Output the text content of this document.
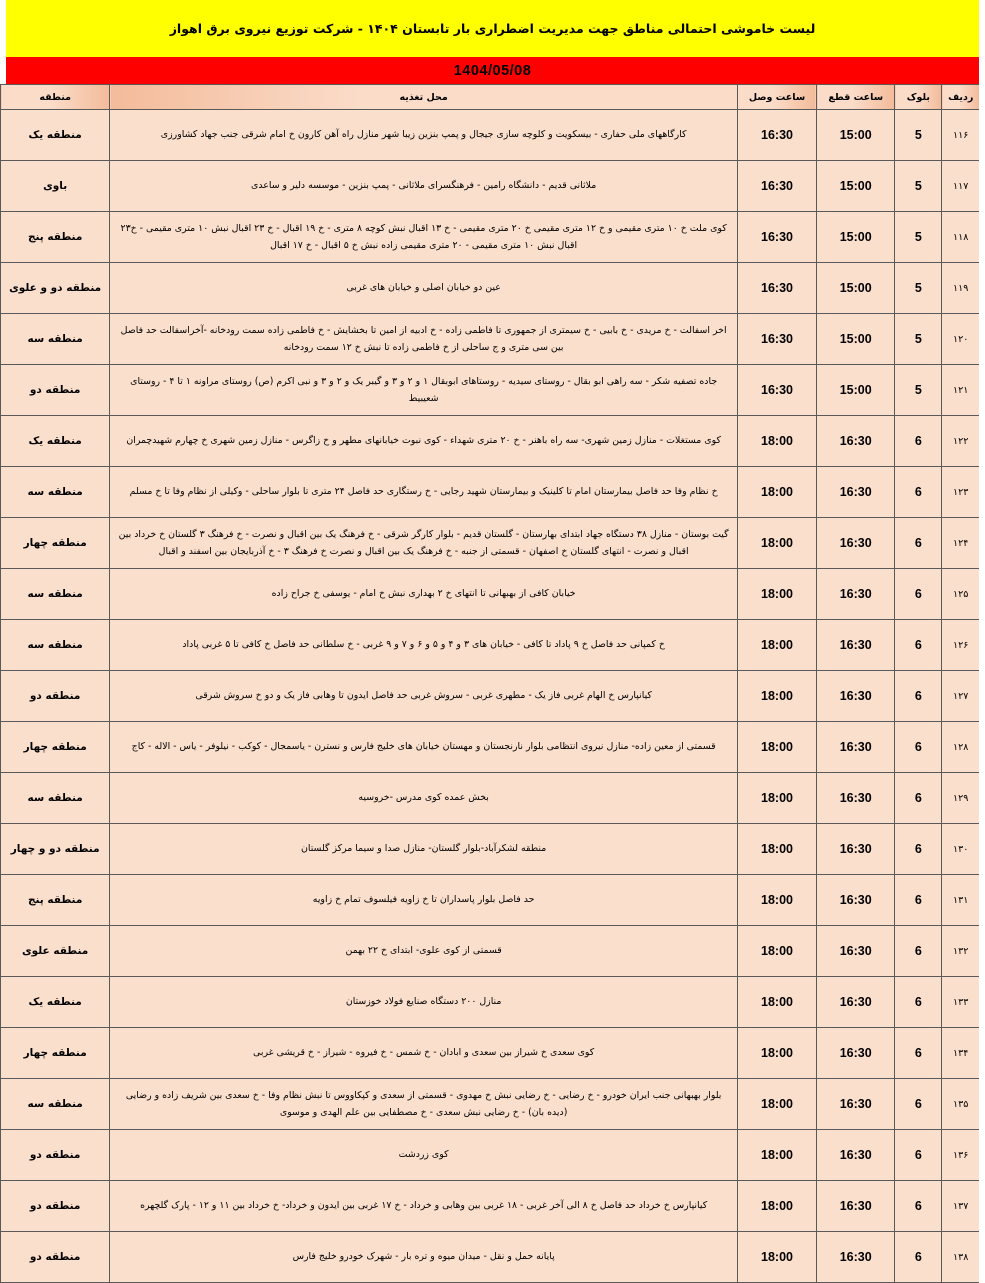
لیست خاموشی احتمالی مناطق جهت مدیریت اضطراری بار تابستان ۱۴۰۴ - شرکت توزیع نیروی برق اهواز
1404/05/08
ردیف	بلوک	ساعت قطع	ساعت وصل	محل تغذیه	منطقه
۱۱۶	5	15:00	16:30	کارگاههای ملی حفاری - بیسکویت و کلوچه سازی جیجال و پمپ بنزین زیبا شهر منازل راه آهن کارون خ امام شرقی جنب جهاد کشاورزی	منطقه یک
۱۱۷	5	15:00	16:30	ملاثانی قدیم - دانشگاه رامین - فرهنگسرای ملاثانی - پمپ بنزین - موسسه دلیر و ساعدی	باوی
۱۱۸	5	15:00	16:30	کوی ملت خ ۱۰ متری مقیمی و خ ۱۲ متری مقیمی خ ۲۰ متری مقیمی - خ ۱۳ اقبال نبش کوچه ۸ متری - خ ۱۹ اقبال - خ ۲۳ اقبال نبش ۱۰ متری مقیمی - خ۲۳ اقبال نبش ۱۰ متری مقیمی - ۲۰ متری مقیمی زاده نبش خ ۵ اقبال - خ ۱۷ اقبال	منطقه پنج
۱۱۹	5	15:00	16:30	عین دو خیابان اصلی و خیابان های غربی	منطقه دو و علوی
۱۲۰	5	15:00	16:30	اخر اسفالت - خ مریدی - خ بابیی - خ سیمتری از جمهوری تا فاطمی زاده - خ ادبیه از امین تا بخشایش - خ فاطمی زاده سمت رودخانه -آخراسفالت حد فاصل بین سی متری و ج ساحلی از خ فاطمی زاده تا نبش خ ۱۲ سمت رودخانه	منطقه سه
۱۲۱	5	15:00	16:30	جاده تصفیه شکر - سه راهی ابو بقال - روستای سیدیه - روستاهای ابوبقال ۱ و ۲ و ۳ و گیبر یک و ۲ و ۳ و نبی اکرم (ص) روستای مراونه ۱ تا ۴ - روستای شعیبیط	منطقه دو
۱۲۲	6	16:30	18:00	کوی مستغلات - منازل زمین شهری- سه راه باهنر - خ ۲۰ متری شهداء - کوی نبوت خیابانهای مطهر و خ زاگرس - منازل زمین شهری خ چهارم شهیدچمران	منطقه یک
۱۲۳	6	16:30	18:00	خ نظام وفا حد فاصل بیمارستان امام تا کلینیک و بیمارستان شهید رجایی - خ رستگاری حد فاصل ۲۴ متری تا بلوار ساحلی - وکیلی از نظام وفا تا خ مسلم	منطقه سه
۱۲۴	6	16:30	18:00	گیت بوستان - منازل ۳۸ دستگاه جهاد ابتدای بهارستان - گلستان قدیم - بلوار کارگر شرقی - خ فرهنگ یک بین اقبال و نصرت - خ فرهنگ ۳ گلستان خ خرداد بین اقبال و نصرت - انتهای گلستان خ اصفهان - قسمتی از جنبه - خ فرهنگ یک بین اقبال و نصرت خ فرهنگ ۳ - خ آذربایجان بین اسفند و اقبال	منطقه چهار
۱۲۵	6	16:30	18:00	خیابان کافی از بهبهانی تا انتهای خ ۲ بهداری نبش خ امام - یوسفی خ جراح زاده	منطقه سه
۱۲۶	6	16:30	18:00	خ کمپانی حد فاصل خ ۹ پاداد تا کافی - خیابان های ۳ و ۴ و ۵ و ۶ و ۷ و ۹ غربی - خ سلطانی حد فاصل خ کافی تا ۵ غربی پاداد	منطقه سه
۱۲۷	6	16:30	18:00	کیانپارس خ الهام غربی فاز یک - مطهری غربی - سروش غربی حد فاصل ایدون تا وهابی فاز یک و دو خ سروش شرقی	منطقه دو
۱۲۸	6	16:30	18:00	قسمتی از معین زاده- منازل نیروی انتظامی بلوار نارنجستان و مهستان خیابان های خلیج فارس و نسترن - یاسمجال - کوکب - نیلوفر - یاس - الاله - کاج	منطقه چهار
۱۲۹	6	16:30	18:00	بخش عمده کوی مدرس -خروسیه	منطقه سه
۱۳۰	6	16:30	18:00	منطقه لشکرآباد-بلوار گلستان- منازل صدا و سیما مرکز گلستان	منطقه دو و چهار
۱۳۱	6	16:30	18:00	حد فاصل بلوار پاسداران تا خ زاویه فیلسوف تمام خ زاویه	منطقه پنج
۱۳۲	6	16:30	18:00	قسمتی از کوی علوی- ابتدای خ ۲۲ بهمن	منطقه علوی
۱۳۳	6	16:30	18:00	منازل ۲۰۰ دستگاه صنایع فولاد خوزستان	منطقه یک
۱۳۴	6	16:30	18:00	کوی سعدی خ شیراز بین سعدی و ابادان - خ شمس - خ فیروه - شیراز - خ قریشی غربی	منطقه چهار
۱۳۵	6	16:30	18:00	بلوار بهبهانی جنب ایران خودرو - خ رضایی - خ رضایی نبش خ مهدوی - قسمتی از سعدی و کپکاووس تا نبش نظام وفا - خ سعدی بین شریف زاده و رضایی (دیده بان) - خ رضایی نبش سعدی - خ مصطفایی بین علم الهدی و موسوی	منطقه سه
۱۳۶	6	16:30	18:00	کوی زردشت	منطقه دو
۱۳۷	6	16:30	18:00	کیانپارس خ خرداد حد فاصل خ ۸ الی آخر غربی - ۱۸ غربی بین وهابی و خرداد - خ ۱۷ غربی بین ایدون و خرداد- خ خرداد بین ۱۱ و ۱۲ - پارک گلچهره	منطقه دو
۱۳۸	6	16:30	18:00	پایانه حمل و نقل - میدان میوه و تره بار - شهرک خودرو خلیج فارس	منطقه دو
